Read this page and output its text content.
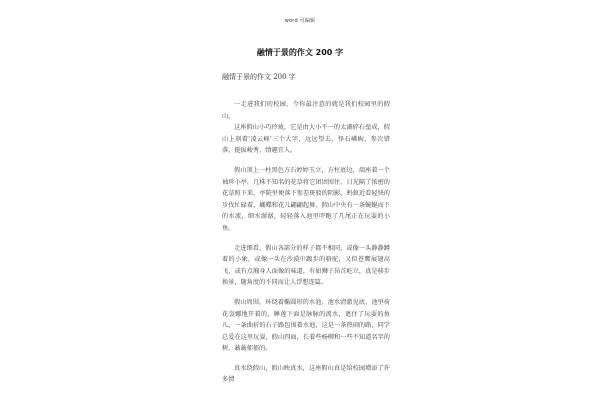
word 可编辑
融情于景的作文 200 字
融情于景的作文 200 字

一走进我们的校园，令你最注意的就是我们校园里的假山。

这座假山小巧玲珑，它是由大小不一的太湖碎石垒成，假山上刻着'凌云峰'三个大字，远远望去，怪石嶙峋，参次错落，挺拔峻秀，情趣宜人。

假山顶上一柱黑色方石婷婷玉立，方柱底边，端座着一个袖珍小亭，几株不知名的花草将它团团围住，日光隔了浓密的花草照下来，亭院里便落下参差斑驳的阴影，蚂蚁近看轻快的步伐忙碌着，蝴蝶和花儿翩翩起舞。假山中央有一条蜿蜒而下的水流，细水潺潺，轻轻落入池里吓跑了几尾正在玩耍的小鱼。

走进细看，假山各部分的样子都不相同，或像一头静静蹲着的小象，或像一头在沙漠中踱步的骆驼，又似苍鹰展翅高飞，或有点胸身人面像的味道，有如狮子昂首屹立，真是移步换景，随角度的不同而让人浮想连篇。

假山周围，环绕着椭圆形的水池，池水清澈见底，池里荷花袅娜地开着的，睡莲下面是脉脉的流水，遮住了玩耍的鱼儿，一条曲折的石子路包围着水池，这是一条热闹的路，同学总爱在这里玩耍，假山四面，长着些杨柳和一些不知道名字的树，蓊蓊郁郁的。

真水绕假山，假山映真水，这座假山真是给校园增添了许多情
